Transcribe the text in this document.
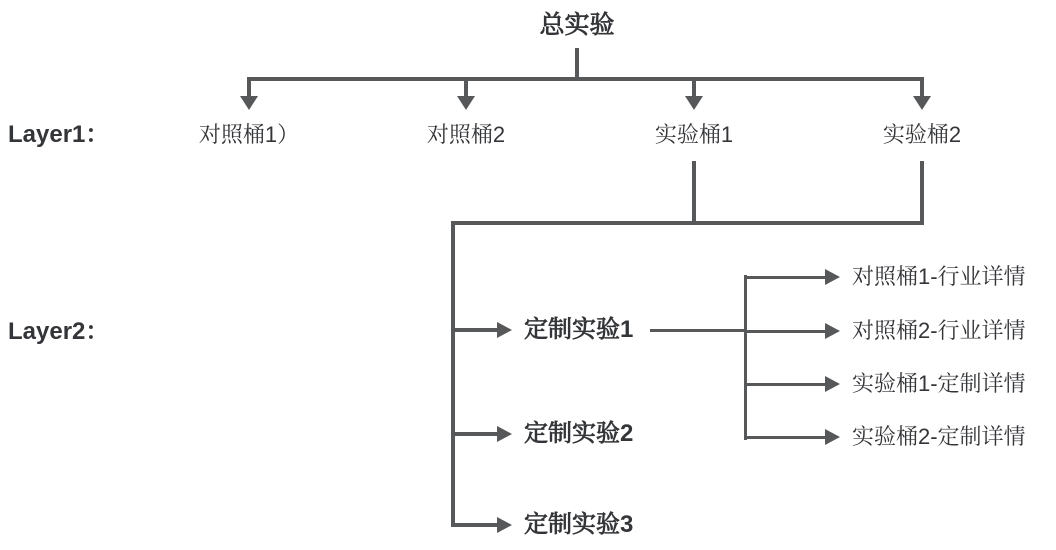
总实验
Layer1：
Layer2：
对照桶1）	对照桶2	实验桶1	实验桶2
定制实验1
定制实验2
定制实验3
对照桶1-行业详情
对照桶2-行业详情
实验桶1-定制详情
实验桶2-定制详情
